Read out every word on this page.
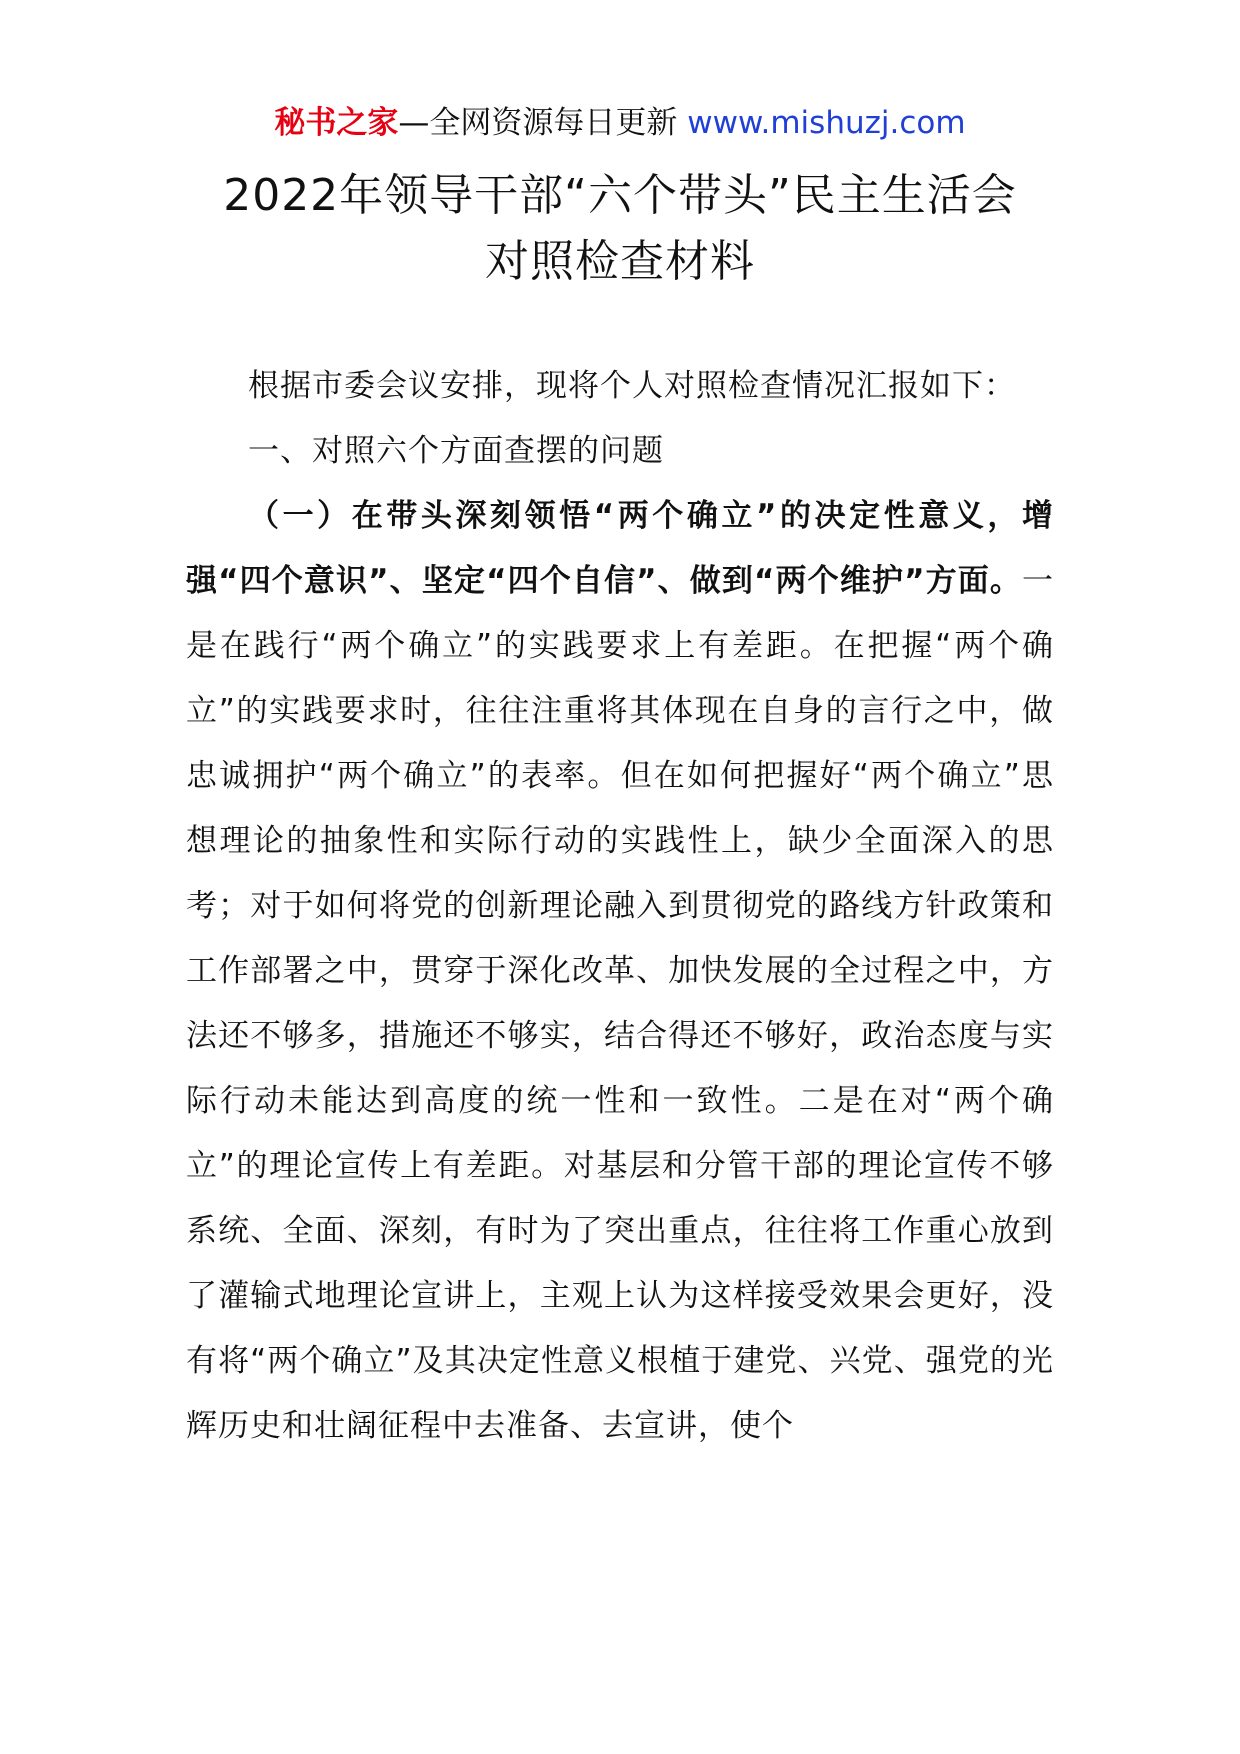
秘书之家—全网资源每日更新 www.mishuzj.com
2022年领导干部“六个带头”民主生活会
对照检查材料

根据市委会议安排，现将个人对照检查情况汇报如下：

一、对照六个方面查摆的问题

（一）在带头深刻领悟“两个确立”的决定性意义，增强“四个意识”、坚定“四个自信”、做到“两个维护”方面。一是在践行“两个确立”的实践要求上有差距。在把握“两个确立”的实践要求时，往往注重将其体现在自身的言行之中，做忠诚拥护“两个确立”的表率。但在如何把握好“两个确立”思想理论的抽象性和实际行动的实践性上，缺少全面深入的思考；对于如何将党的创新理论融入到贯彻党的路线方针政策和工作部署之中，贯穿于深化改革、加快发展的全过程之中，方法还不够多，措施还不够实，结合得还不够好，政治态度与实际行动未能达到高度的统一性和一致性。二是在对“两个确立”的理论宣传上有差距。对基层和分管干部的理论宣传不够系统、全面、深刻，有时为了突出重点，往往将工作重心放到了灌输式地理论宣讲上，主观上认为这样接受效果会更好，没有将“两个确立”及其决定性意义根植于建党、兴党、强党的光辉历史和壮阔征程中去准备、去宣讲，使个
